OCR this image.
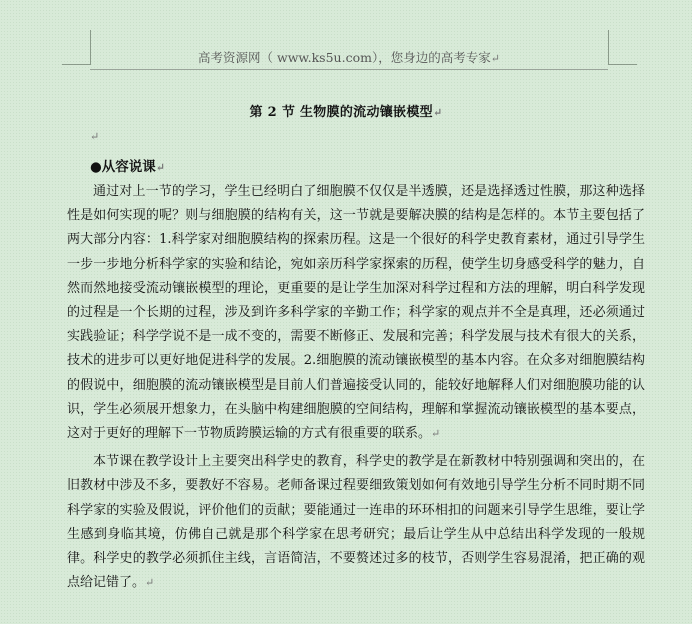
高考资源网（ www.ks5u.com），您身边的高考专家↵
第 2 节 生物膜的流动镶嵌模型↵
↵
●从容说课↵

通过对上一节的学习，学生已经明白了细胞膜不仅仅是半透膜，还是选择透过性膜，那这种选择性是如何实现的呢？则与细胞膜的结构有关，这一节就是要解决膜的结构是怎样的。本节主要包括了两大部分内容：1.科学家对细胞膜结构的探索历程。这是一个很好的科学史教育素材，通过引导学生一步一步地分析科学家的实验和结论，宛如亲历科学家探索的历程，使学生切身感受科学的魅力，自然而然地接受流动镶嵌模型的理论，更重要的是让学生加深对科学过程和方法的理解，明白科学发现的过程是一个长期的过程，涉及到许多科学家的辛勤工作；科学家的观点并不全是真理，还必须通过实践验证；科学学说不是一成不变的，需要不断修正、发展和完善；科学发展与技术有很大的关系，技术的进步可以更好地促进科学的发展。2.细胞膜的流动镶嵌模型的基本内容。在众多对细胞膜结构的假说中，细胞膜的流动镶嵌模型是目前人们普遍接受认同的，能较好地解释人们对细胞膜功能的认识，学生必须展开想象力，在头脑中构建细胞膜的空间结构，理解和掌握流动镶嵌模型的基本要点，这对于更好的理解下一节物质跨膜运输的方式有很重要的联系。↵

本节课在教学设计上主要突出科学史的教育，科学史的教学是在新教材中特别强调和突出的，在旧教材中涉及不多，要教好不容易。老师备课过程要细致策划如何有效地引导学生分析不同时期不同科学家的实验及假说，评价他们的贡献；要能通过一连串的环环相扣的问题来引导学生思维，要让学生感到身临其境，仿佛自己就是那个科学家在思考研究；最后让学生从中总结出科学发现的一般规律。科学史的教学必须抓住主线，言语简洁，不要赘述过多的枝节，否则学生容易混淆，把正确的观点给记错了。↵
